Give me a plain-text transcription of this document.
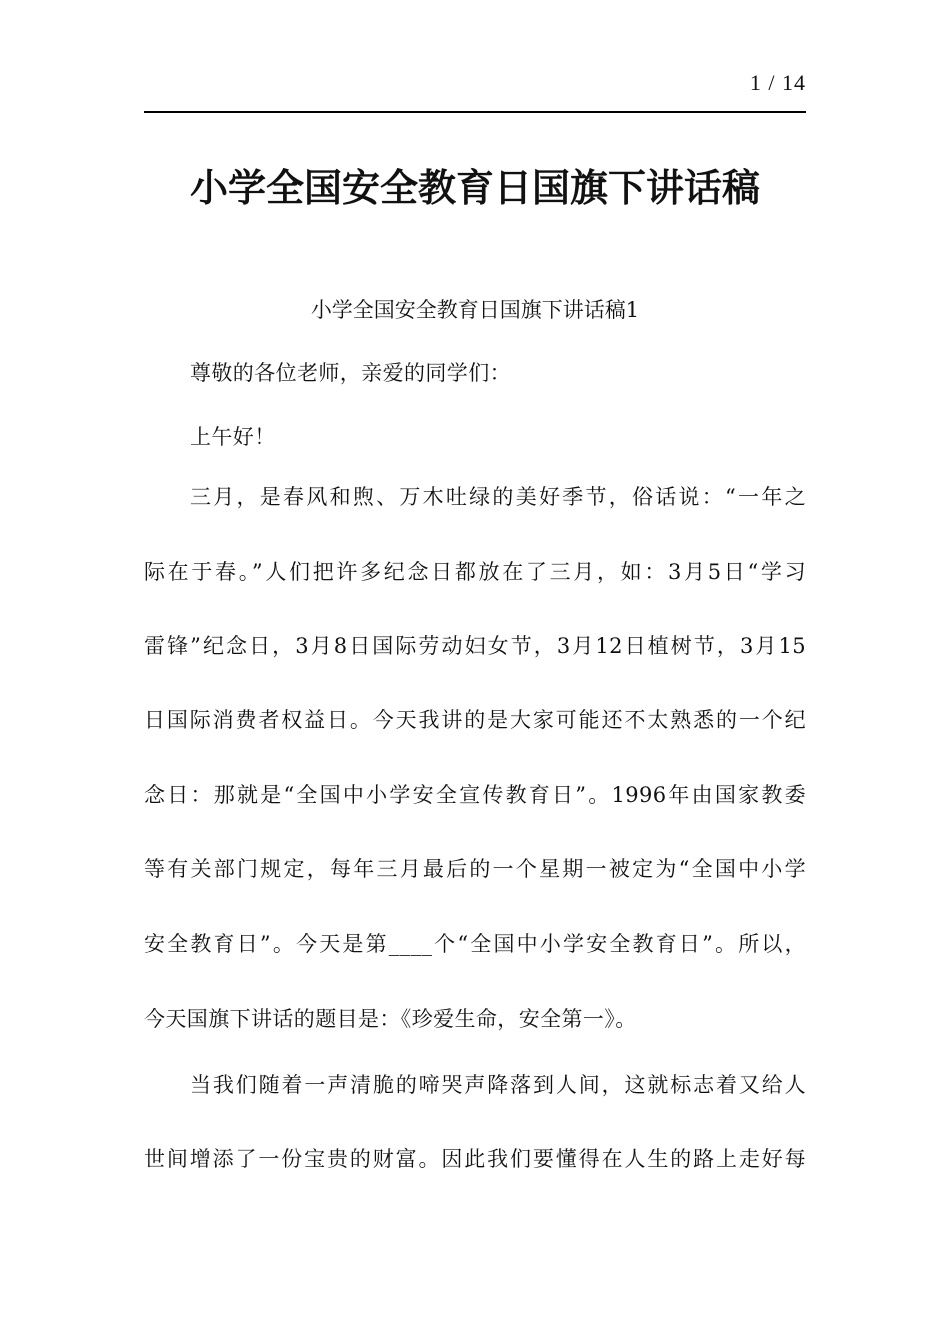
1 / 14
小学全国安全教育日国旗下讲话稿
小学全国安全教育日国旗下讲话稿1
尊敬的各位老师，亲爱的同学们：
上午好！
三月，是春风和煦、万木吐绿的美好季节，俗话说：“一年之
际在于春。”人们把许多纪念日都放在了三月，如：3月5日“学习
雷锋”纪念日，3月8日国际劳动妇女节，3月12日植树节，3月15
日国际消费者权益日。今天我讲的是大家可能还不太熟悉的一个纪
念日：那就是“全国中小学安全宣传教育日”。1996年由国家教委
等有关部门规定，每年三月最后的一个星期一被定为“全国中小学
安全教育日”。今天是第____个“全国中小学安全教育日”。所以，
今天国旗下讲话的题目是：《珍爱生命，安全第一》。
当我们随着一声清脆的啼哭声降落到人间，这就标志着又给人
世间增添了一份宝贵的财富。因此我们要懂得在人生的路上走好每
